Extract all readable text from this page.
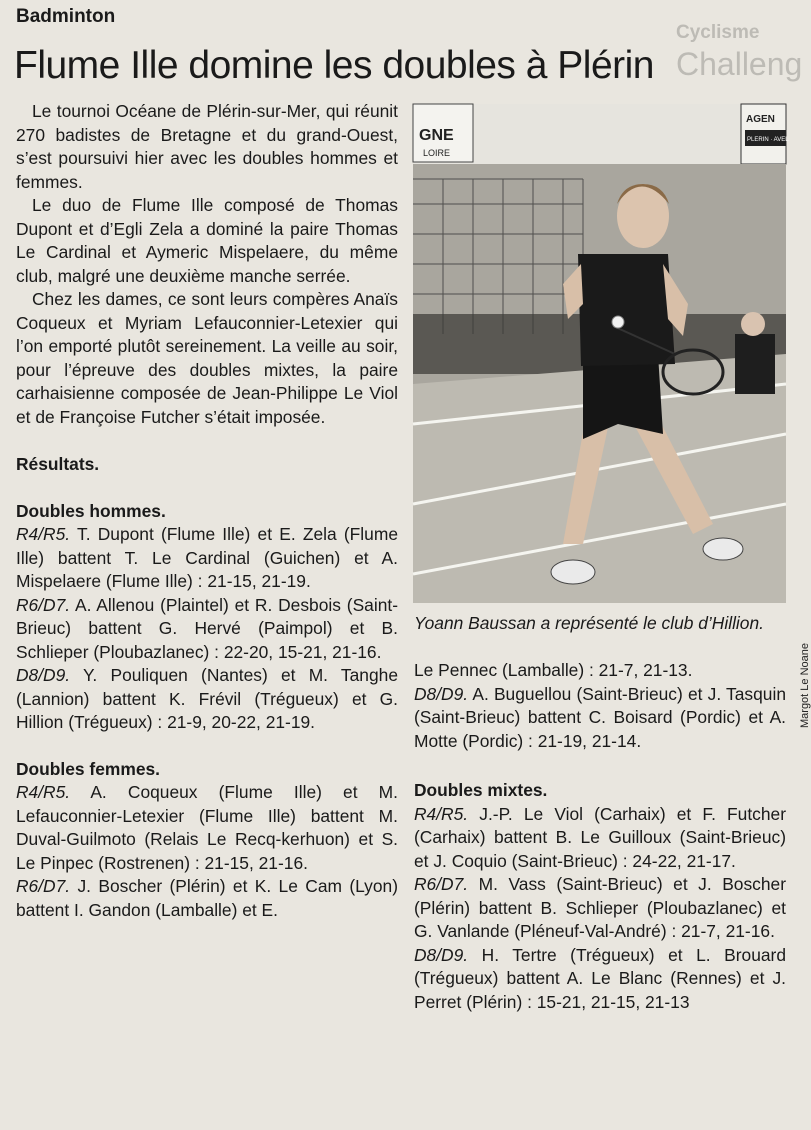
Badminton
Flume Ille domine les doubles à Plérin
Cyclisme
Challeng

Le tournoi Océane de Plérin-sur-Mer, qui réunit 270 badistes de Bretagne et du grand-Ouest, s’est poursuivi hier avec les doubles hommes et femmes.

Le duo de Flume Ille composé de Thomas Dupont et d’Egli Zela a dominé la paire Thomas Le Cardinal et Aymeric Mispelaere, du même club, malgré une deuxième manche serrée.

Chez les dames, ce sont leurs compères Anaïs Coqueux et Myriam Lefauconnier-Letexier qui l’on emporté plutôt sereinement. La veille au soir, pour l’épreuve des doubles mixtes, la paire carhaisienne composée de Jean-Philippe Le Viol et de Françoise Futcher s’était imposée.

Résultats.
Doubles hommes.

R4/R5. T. Dupont (Flume Ille) et E. Zela (Flume Ille) battent T. Le Cardinal (Guichen) et A. Mispelaere (Flume Ille) : 21-15, 21-19.

R6/D7. A. Allenou (Plaintel) et R. Desbois (Saint-Brieuc) battent G. Hervé (Paimpol) et B. Schlieper (Ploubazlanec) : 22-20, 15-21, 21-16.

D8/D9. Y. Pouliquen (Nantes) et M. Tanghe (Lannion) battent K. Frévil (Trégueux) et G. Hillion (Trégueux) : 21-9, 20-22, 21-19.

Doubles femmes.

R4/R5. A. Coqueux (Flume Ille) et M. Lefauconnier-Letexier (Flume Ille) battent M. Duval-Guilmoto (Relais Le Recq-kerhuon) et S. Le Pinpec (Rostrenen) : 21-15, 21-16.

R6/D7. J. Boscher (Plérin) et K. Le Cam (Lyon) battent I. Gandon (Lamballe) et E.

GNE
LOIRE
AGEN
PLERIN · AVEL
Margot Le Noane
Yoann Baussan a représenté le club d’Hillion.

Le Pennec (Lamballe) : 21-7, 21-13.

D8/D9. A. Buguellou (Saint-Brieuc) et J. Tasquin (Saint-Brieuc) battent C. Boisard (Pordic) et A. Motte (Pordic) : 21-19, 21-14.

Doubles mixtes.

R4/R5. J.-P. Le Viol (Carhaix) et F. Futcher (Carhaix) battent B. Le Guilloux (Saint-Brieuc) et J. Coquio (Saint-Brieuc) : 24-22, 21-17.

R6/D7. M. Vass (Saint-Brieuc) et J. Boscher (Plérin) battent B. Schlieper (Ploubazlanec) et G. Vanlande (Pléneuf-Val-André) : 21-7, 21-16.

D8/D9. H. Tertre (Trégueux) et L. Brouard (Trégueux) battent A. Le Blanc (Rennes) et J. Perret (Plérin) : 15-21, 21-15, 21-13
